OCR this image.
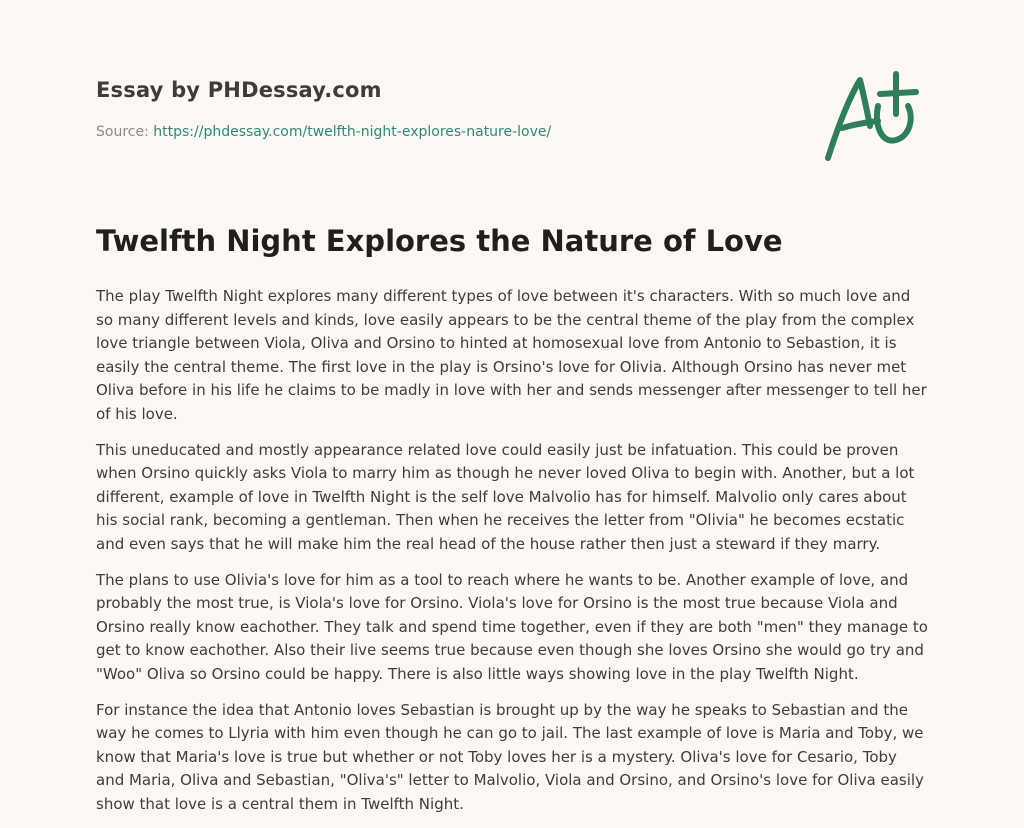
Essay by PHDessay.com
Source: https://phdessay.com/twelfth-night-explores-nature-love/
Twelfth Night Explores the Nature of Love

The play Twelfth Night explores many different types of love between it's characters. With so much love and so many different levels and kinds, love easily appears to be the central theme of the play from the complex love triangle between Viola, Oliva and Orsino to hinted at homosexual love from Antonio to Sebastion, it is easily the central theme. The first love in the play is Orsino's love for Olivia. Although Orsino has never met Oliva before in his life he claims to be madly in love with her and sends messenger after messenger to tell her of his love.

This uneducated and mostly appearance related love could easily just be infatuation. This could be proven when Orsino quickly asks Viola to marry him as though he never loved Oliva to begin with. Another, but a lot different, example of love in Twelfth Night is the self love Malvolio has for himself. Malvolio only cares about his social rank, becoming a gentleman. Then when he receives the letter from "Olivia" he becomes ecstatic and even says that he will make him the real head of the house rather then just a steward if they marry.

The plans to use Olivia's love for him as a tool to reach where he wants to be. Another example of love, and probably the most true, is Viola's love for Orsino. Viola's love for Orsino is the most true because Viola and Orsino really know eachother. They talk and spend time together, even if they are both "men" they manage to get to know eachother. Also their live seems true because even though she loves Orsino she would go try and "Woo" Oliva so Orsino could be happy. There is also little ways showing love in the play Twelfth Night.

For instance the idea that Antonio loves Sebastian is brought up by the way he speaks to Sebastian and the way he comes to Llyria with him even though he can go to jail. The last example of love is Maria and Toby, we know that Maria's love is true but whether or not Toby loves her is a mystery. Oliva's love for Cesario, Toby and Maria, Oliva and Sebastian, "Oliva's" letter to Malvolio, Viola and Orsino, and Orsino's love for Oliva easily show that love is a central them in Twelfth Night.
